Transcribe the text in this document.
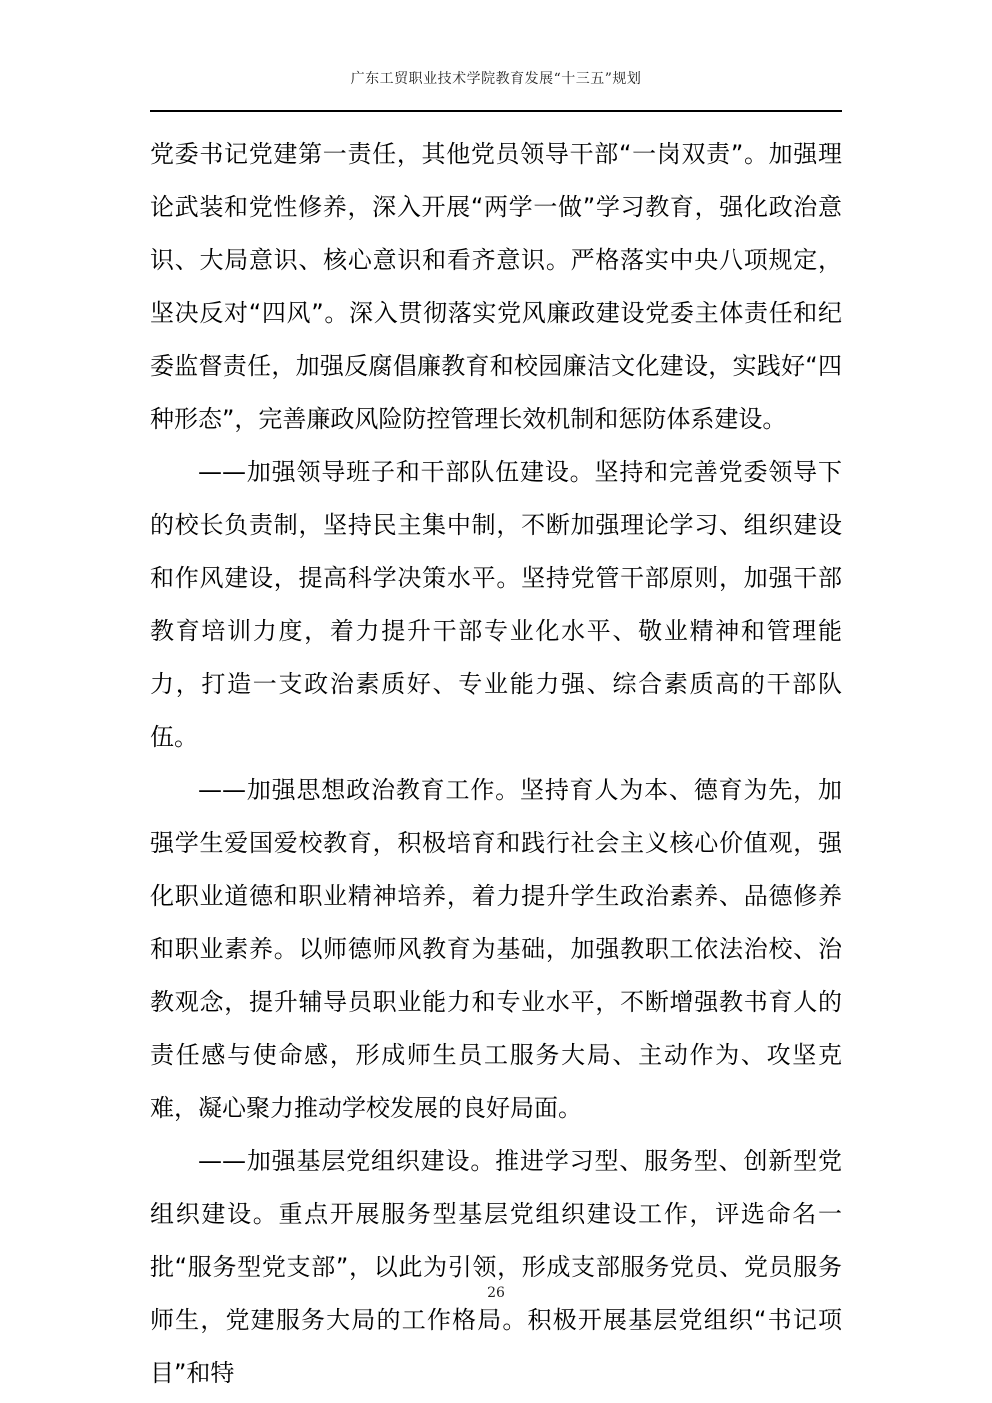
广东工贸职业技术学院教育发展“十三五”规划

党委书记党建第一责任，其他党员领导干部“一岗双责”。加强理论武装和党性修养，深入开展“两学一做”学习教育，强化政治意识、大局意识、核心意识和看齐意识。严格落实中央八项规定，坚决反对“四风”。深入贯彻落实党风廉政建设党委主体责任和纪委监督责任，加强反腐倡廉教育和校园廉洁文化建设，实践好“四种形态”，完善廉政风险防控管理长效机制和惩防体系建设。

——加强领导班子和干部队伍建设。坚持和完善党委领导下的校长负责制，坚持民主集中制，不断加强理论学习、组织建设和作风建设，提高科学决策水平。坚持党管干部原则，加强干部教育培训力度，着力提升干部专业化水平、敬业精神和管理能力，打造一支政治素质好、专业能力强、综合素质高的干部队伍。

——加强思想政治教育工作。坚持育人为本、德育为先，加强学生爱国爱校教育，积极培育和践行社会主义核心价值观，强化职业道德和职业精神培养，着力提升学生政治素养、品德修养和职业素养。以师德师风教育为基础，加强教职工依法治校、治教观念，提升辅导员职业能力和专业水平，不断增强教书育人的责任感与使命感，形成师生员工服务大局、主动作为、攻坚克难，凝心聚力推动学校发展的良好局面。

——加强基层党组织建设。推进学习型、服务型、创新型党组织建设。重点开展服务型基层党组织建设工作，评选命名一批“服务型党支部”，以此为引领，形成支部服务党员、党员服务师生，党建服务大局的工作格局。积极开展基层党组织“书记项目”和特

26
